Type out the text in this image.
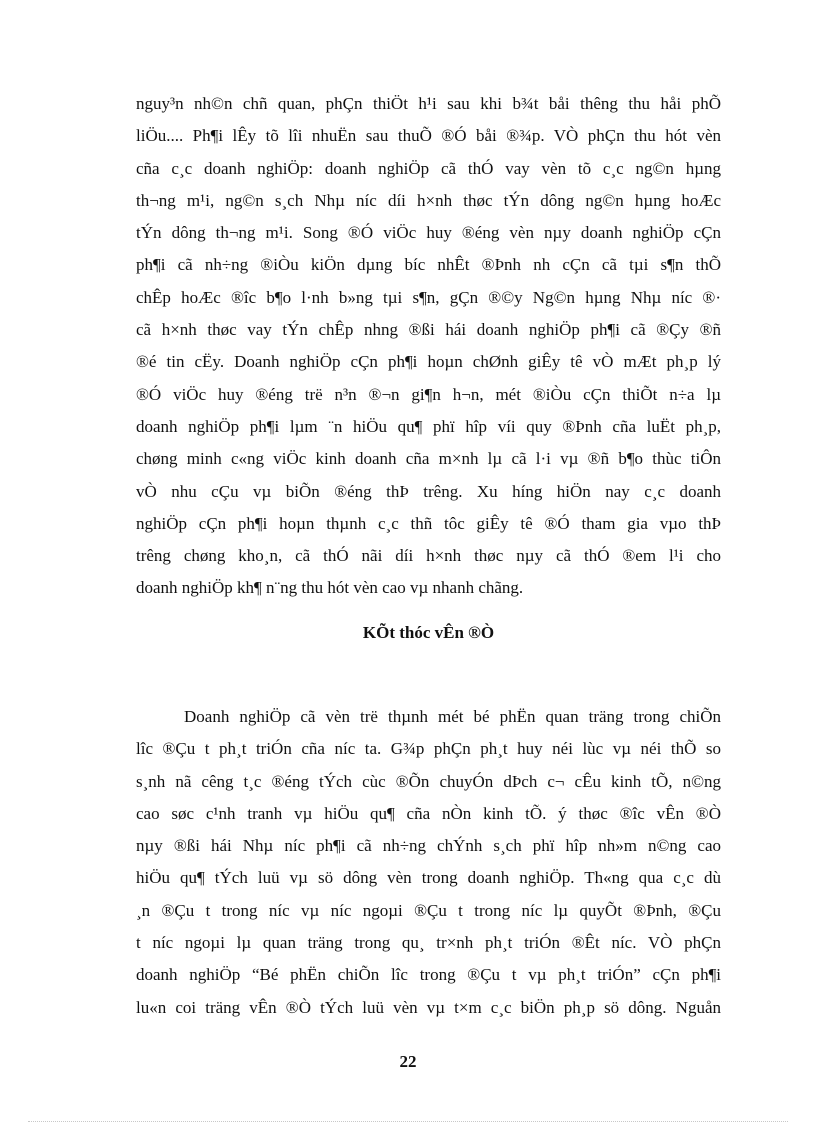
nguy³n nh©n chñ quan, phÇn thiÖt h¹i sau khi b¾t båi thêng thu håi phÕ
liÖu.... Ph¶i lÊy tõ lîi nhuËn sau thuÕ ®Ó båi ®¾p. VÒ phÇn thu hót vèn
cña c¸c doanh nghiÖp: doanh nghiÖp cã thÓ vay vèn tõ c¸c ng©n hµng
th¬ng m¹i, ng©n s¸ch Nhµ níc díi h×nh thøc tÝn dông ng©n hµng hoÆc
tÝn dông th¬ng m¹i. Song ®Ó viÖc huy ®éng vèn nµy doanh nghiÖp cÇn
ph¶i cã nh÷ng ®iÒu kiÖn dµng bíc nhÊt ®Þnh nh cÇn cã tµi s¶n thÕ
chÊp hoÆc ®îc b¶o l·nh b»ng tµi s¶n, gÇn ®©y Ng©n hµng Nhµ níc ®·
cã h×nh thøc vay tÝn chÊp nhng ®ßi hái doanh nghiÖp ph¶i cã ®Çy ®ñ
®é tin cËy. Doanh nghiÖp cÇn ph¶i hoµn chØnh giÊy tê vÒ mÆt ph¸p lý
®Ó viÖc huy ®éng trë n³n ®¬n gi¶n h¬n, mét ®iÒu cÇn thiÕt n÷a lµ
doanh nghiÖp ph¶i lµm ¨n hiÖu qu¶ phï hîp víi quy ®Þnh cña luËt ph¸p,
chøng minh c«ng viÖc kinh doanh cña m×nh lµ cã l·i vµ ®ñ b¶o thùc tiÔn
vÒ nhu cÇu vµ biÕn ®éng thÞ trêng. Xu híng hiÖn nay c¸c doanh
nghiÖp cÇn ph¶i hoµn thµnh c¸c thñ tôc giÊy tê ®Ó tham gia vµo thÞ
trêng chøng kho¸n, cã thÓ nãi díi h×nh thøc nµy cã thÓ ®em l¹i cho
doanh nghiÖp kh¶ n¨ng thu hót vèn cao vµ nhanh chãng.
KÕt thóc vÊn ®Ò
Doanh nghiÖp cã vèn trë thµnh mét bé phËn quan träng trong chiÕn
lîc ®Çu t ph¸t triÓn cña níc ta. G¾p phÇn ph¸t huy néi lùc vµ néi thÕ so
s¸nh nã cêng t¸c ®éng tÝch cùc ®Õn chuyÓn dÞch c¬ cÊu kinh tÕ, n©ng
cao søc c¹nh tranh vµ hiÖu qu¶ cña nÒn kinh tÕ. ý thøc ®îc vÊn ®Ò
nµy ®ßi hái Nhµ níc ph¶i cã nh÷ng chÝnh s¸ch phï hîp nh»m n©ng cao
hiÖu qu¶ tÝch luü vµ sö dông vèn trong doanh nghiÖp. Th«ng qua c¸c dù
¸n ®Çu t trong níc vµ níc ngoµi ®Çu t trong níc lµ quyÕt ®Þnh, ®Çu
t níc ngoµi lµ quan träng trong qu¸ tr×nh ph¸t triÓn ®Êt níc. VÒ phÇn
doanh nghiÖp “Bé phËn chiÕn lîc trong ®Çu t vµ ph¸t triÓn” cÇn ph¶i
lu«n coi träng vÊn ®Ò tÝch luü vèn vµ t×m c¸c biÖn ph¸p sö dông. Nguån
22
